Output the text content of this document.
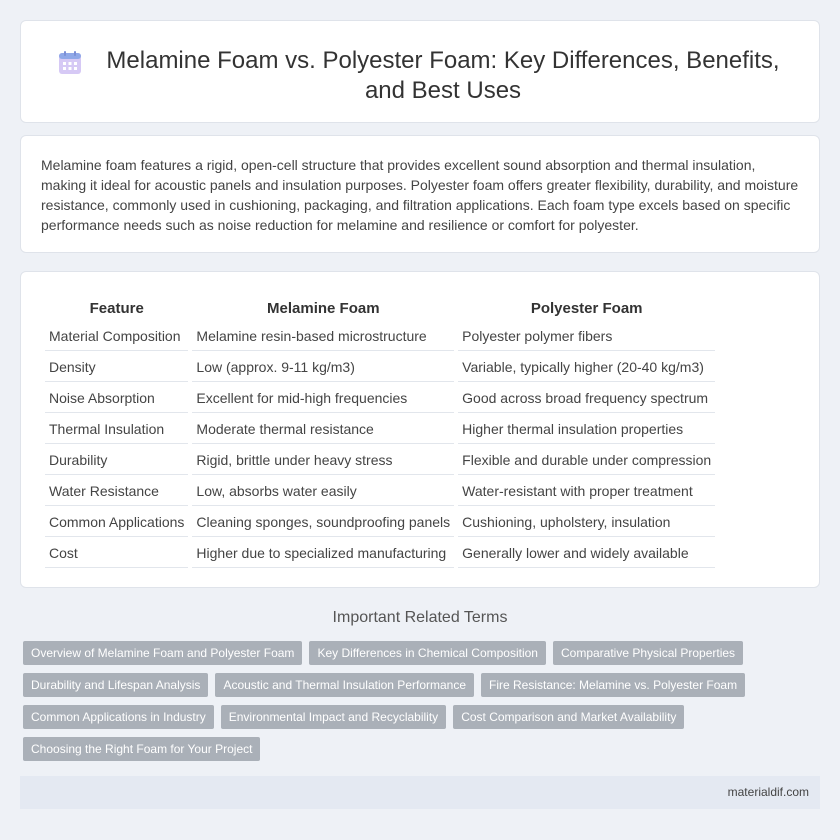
Melamine Foam vs. Polyester Foam: Key Differences, Benefits, and Best Uses

Melamine foam features a rigid, open-cell structure that provides excellent sound absorption and thermal insulation, making it ideal for acoustic panels and insulation purposes. Polyester foam offers greater flexibility, durability, and moisture resistance, commonly used in cushioning, packaging, and filtration applications. Each foam type excels based on specific performance needs such as noise reduction for melamine and resilience or comfort for polyester.

Feature	Melamine Foam	Polyester Foam
Material Composition	Melamine resin-based microstructure	Polyester polymer fibers
Density	Low (approx. 9-11 kg/m3)	Variable, typically higher (20-40 kg/m3)
Noise Absorption	Excellent for mid-high frequencies	Good across broad frequency spectrum
Thermal Insulation	Moderate thermal resistance	Higher thermal insulation properties
Durability	Rigid, brittle under heavy stress	Flexible and durable under compression
Water Resistance	Low, absorbs water easily	Water-resistant with proper treatment
Common Applications	Cleaning sponges, soundproofing panels	Cushioning, upholstery, insulation
Cost	Higher due to specialized manufacturing	Generally lower and widely available
Important Related Terms
Overview of Melamine Foam and Polyester Foam	Key Differences in Chemical Composition	Comparative Physical Properties
Durability and Lifespan Analysis	Acoustic and Thermal Insulation Performance	Fire Resistance: Melamine vs. Polyester Foam
Common Applications in Industry	Environmental Impact and Recyclability	Cost Comparison and Market Availability
Choosing the Right Foam for Your Project
materialdif.com
